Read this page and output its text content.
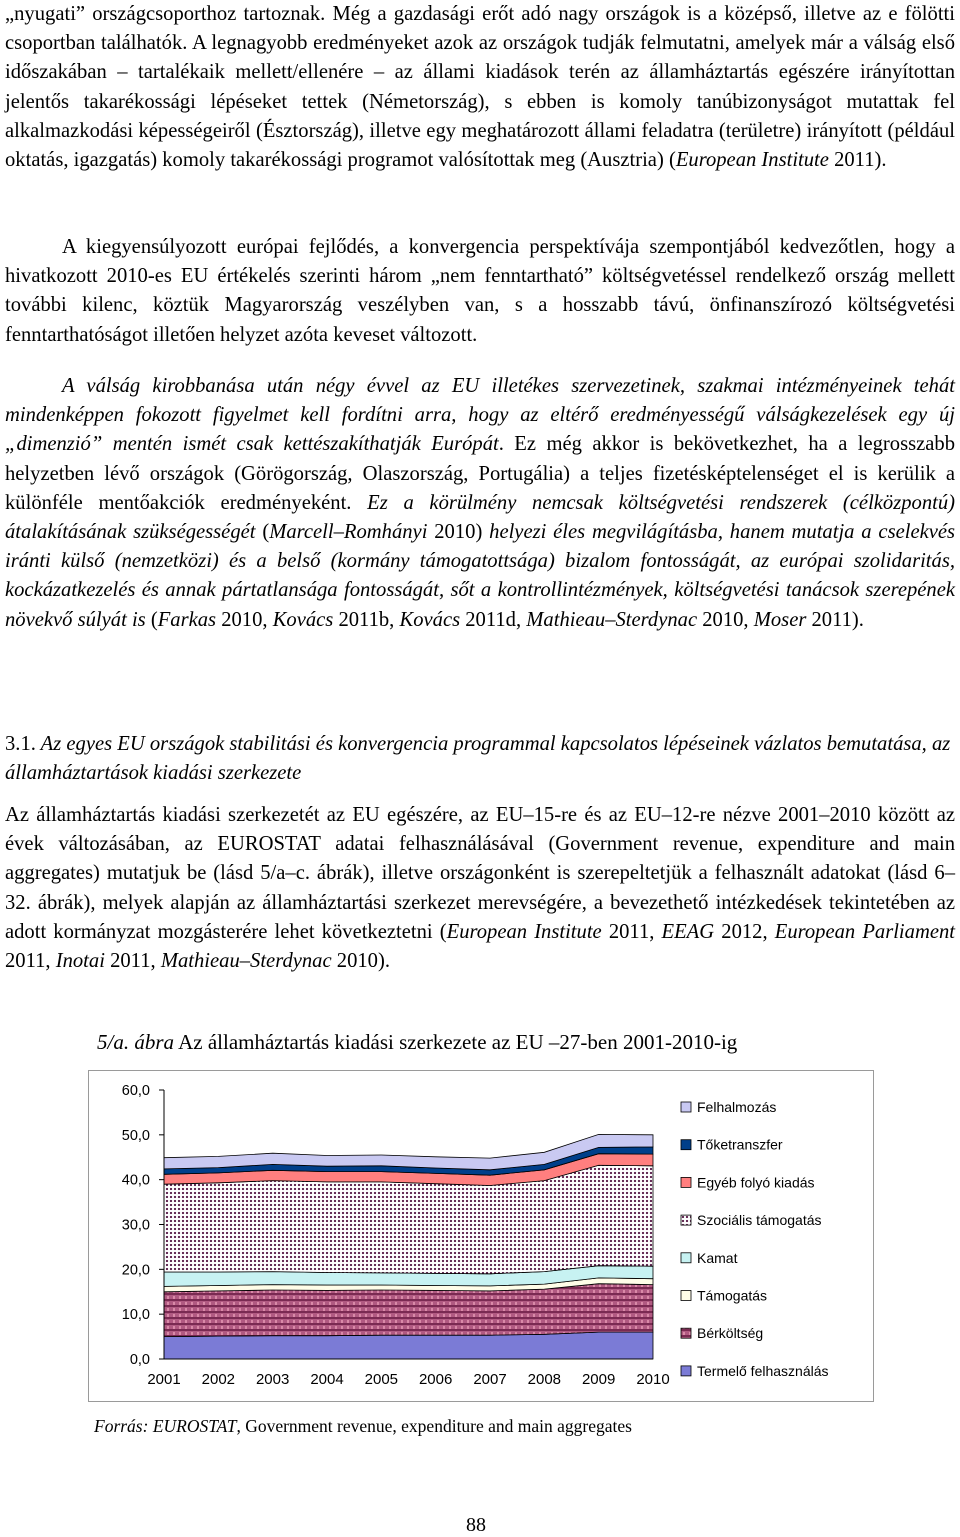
„nyugati” országcsoporthoz tartoznak. Még a gazdasági erőt adó nagy országok is a középső, illetve az e fölötti csoportban találhatók. A legnagyobb eredményeket azok az országok tudják felmutatni, amelyek már a válság első időszakában – tartalékaik mellett/ellenére – az állami kiadások terén az államháztartás egészére irányítottan jelentős takarékossági lépéseket tettek (Németország), s ebben is komoly tanúbizonyságot mutattak fel alkalmazkodási képességeiről (Észtország), illetve egy meghatározott állami feladatra (területre) irányított (például oktatás, igazgatás) komoly takarékossági programot valósítottak meg (Ausztria) (European Institute 2011).

A kiegyensúlyozott európai fejlődés, a konvergencia perspektívája szempontjából kedvezőtlen, hogy a hivatkozott 2010-es EU értékelés szerinti három „nem fenntartható” költségvetéssel rendelkező ország mellett további kilenc, köztük Magyarország veszélyben van, s a hosszabb távú, önfinanszírozó költségvetési fenntarthatóságot illetően helyzet azóta keveset változott.

A válság kirobbanása után négy évvel az EU illetékes szervezetinek, szakmai intézményeinek tehát mindenképpen fokozott figyelmet kell fordítni arra, hogy az eltérő eredményességű válságkezelések egy új „dimenzió” mentén ismét csak kettészakíthatják Európát. Ez még akkor is bekövetkezhet, ha a legrosszabb helyzetben lévő országok (Görögország, Olaszország, Portugália) a teljes fizetésképtelenséget el is kerülik a különféle mentőakciók eredményeként. Ez a körülmény nemcsak költségvetési rendszerek (célközpontú) átalakításának szükségességét (Marcell–Romhányi 2010) helyezi éles megvilágításba, hanem mutatja a cselekvés iránti külső (nemzetközi) és a belső (kormány támogatottsága) bizalom fontosságát, az európai szolidaritás, kockázatkezelés és annak pártatlansága fontosságát, sőt a kontrollintézmények, költségvetési tanácsok szerepének növekvő súlyát is (Farkas 2010, Kovács 2011b, Kovács 2011d, Mathieau–Sterdynac 2010, Moser 2011).

3.1. Az egyes EU országok stabilitási és konvergencia programmal kapcsolatos lépéseinek vázlatos bemutatása, az államháztartások kiadási szerkezete

Az államháztartás kiadási szerkezetét az EU egészére, az EU–15-re és az EU–12-re nézve 2001–2010 között az évek változásában, az EUROSTAT adatai felhasználásával (Government revenue, expenditure and main aggregates) mutatjuk be (lásd 5/a–c. ábrák), illetve országonként is szerepeltetjük a felhasznált adatokat (lásd 6–32. ábrák), melyek alapján az államháztartási szerkezet merevségére, a bevezethető intézkedések tekintetében az adott kormányzat mozgásterére lehet következtetni (European Institute 2011, EEAG 2012, European Parliament 2011, Inotai 2011, Mathieau–Sterdynac 2010).

5/a. ábra Az államháztartás kiadási szerkezete az EU –27-ben 2001-2010-ig
0,0
10,0
20,0
30,0
40,0
50,0
60,0
2001 2002 2003 2004 2005 2006 2007 2008 2009 2010
Felhalmozás
Tőketranszfer
Egyéb folyó kiadás
Szociális támogatás
Kamat
Támogatás
Bérköltség
Termelő felhasználás
Forrás: EUROSTAT, Government revenue, expenditure and main aggregates
88
